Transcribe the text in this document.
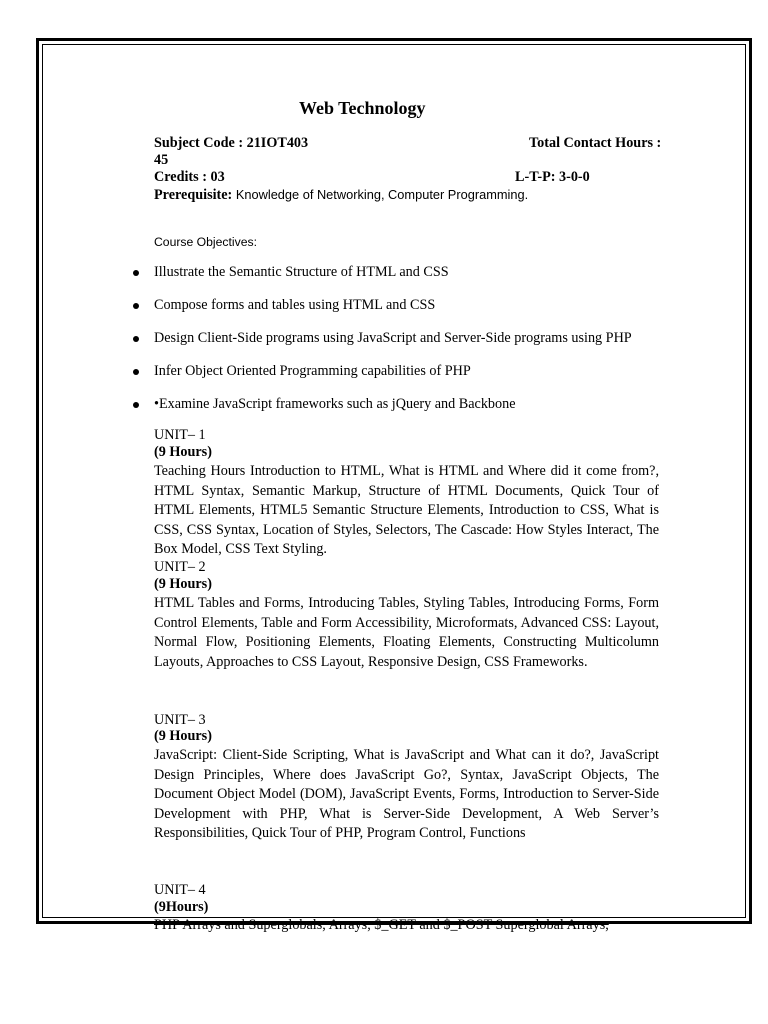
Web Technology
Subject Code : 21IOT403	Total Contact Hours :
45
Credits : 03	L-T-P: 3-0-0
Prerequisite: Knowledge of Networking, Computer Programming.
Course Objectives:
Illustrate the Semantic Structure of HTML and CSS
Compose forms and tables using HTML and CSS
Design Client-Side programs using JavaScript and Server-Side programs using PHP
Infer Object Oriented Programming capabilities of PHP
•Examine JavaScript frameworks such as jQuery and Backbone
UNIT– 1
(9 Hours)
Teaching Hours Introduction to HTML, What is HTML and Where did it come from?, HTML Syntax, Semantic Markup, Structure of HTML Documents, Quick Tour of HTML Elements, HTML5 Semantic Structure Elements, Introduction to CSS, What is CSS, CSS Syntax, Location of Styles, Selectors, The Cascade: How Styles Interact, The Box Model, CSS Text Styling.
UNIT– 2
(9 Hours)
HTML Tables and Forms, Introducing Tables, Styling Tables, Introducing Forms, Form Control Elements, Table and Form Accessibility, Microformats, Advanced CSS: Layout, Normal Flow, Positioning Elements, Floating Elements, Constructing Multicolumn Layouts, Approaches to CSS Layout, Responsive Design, CSS Frameworks.
UNIT– 3
(9 Hours)
JavaScript: Client-Side Scripting, What is JavaScript and What can it do?, JavaScript Design Principles, Where does JavaScript Go?, Syntax, JavaScript Objects, The Document Object Model (DOM), JavaScript Events, Forms, Introduction to Server-Side Development with PHP, What is Server-Side Development, A Web Server’s Responsibilities, Quick Tour of PHP, Program Control, Functions
UNIT– 4
(9Hours)
PHP Arrays and Superglobals, Arrays, $_GET and $_POST Superglobal Arrays,
